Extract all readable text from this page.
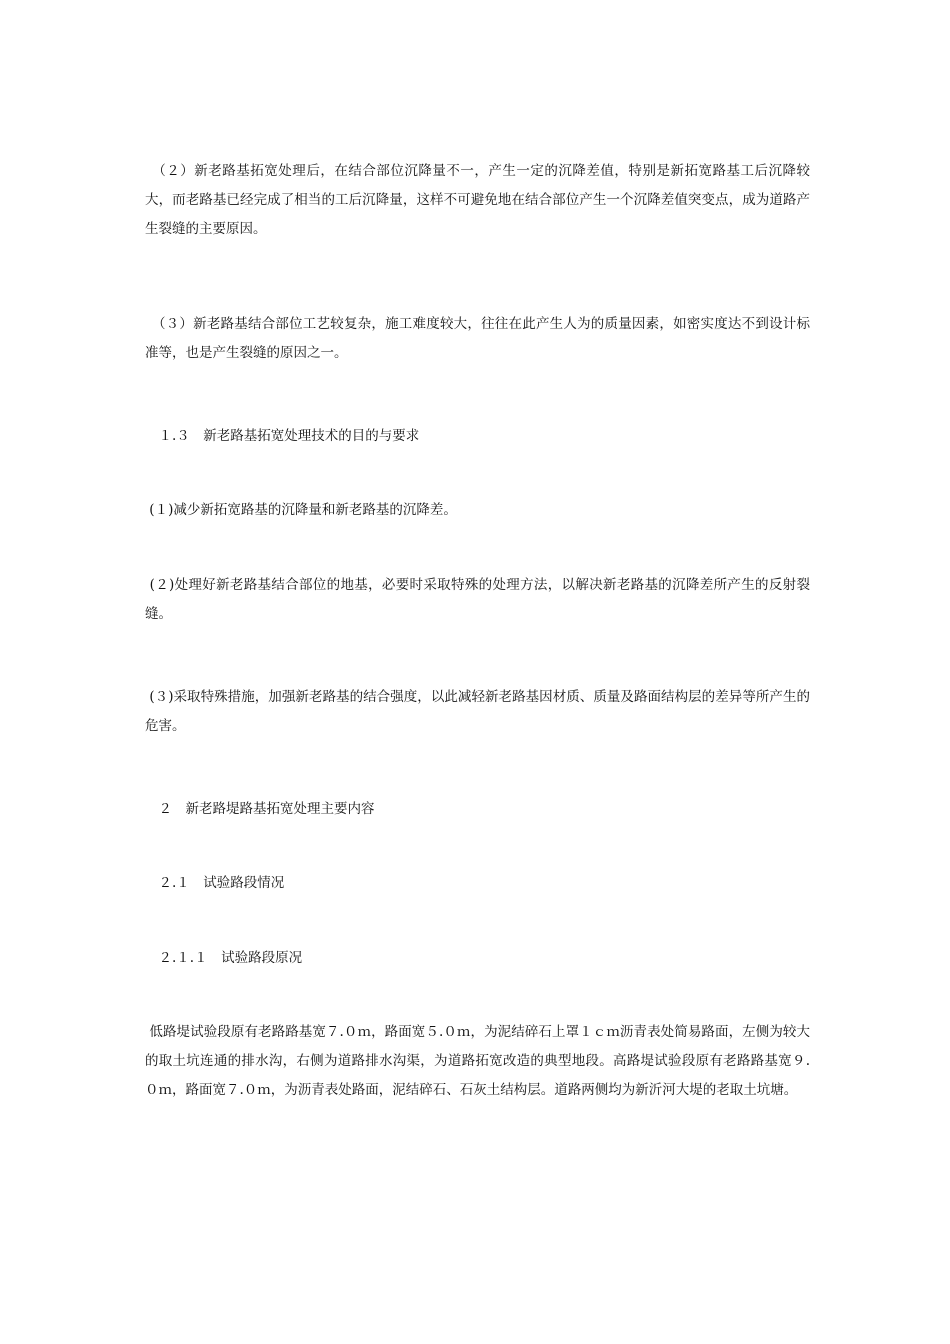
　（２）新老路基拓宽处理后，在结合部位沉降量不一，产生一定的沉降差值，特别是新拓宽路基工后沉降较大，而老路基已经完成了相当的工后沉降量，这样不可避免地在结合部位产生一个沉降差值突变点，成为道路产生裂缝的主要原因。

　（３）新老路基结合部位工艺较复杂，施工难度较大，往往在此产生人为的质量因素，如密实度达不到设计标准等，也是产生裂缝的原因之一。

　１.３　新老路基拓宽处理技术的目的与要求

(１)减少新拓宽路基的沉降量和新老路基的沉降差。

(２)处理好新老路基结合部位的地基，必要时采取特殊的处理方法，以解决新老路基的沉降差所产生的反射裂缝。

(３)采取特殊措施，加强新老路基的结合强度，以此减轻新老路基因材质、质量及路面结构层的差异等所产生的危害。

　２　新老路堤路基拓宽处理主要内容

　２.１　试验路段情况

　２.１.１　试验路段原况

低路堤试验段原有老路路基宽７.０ｍ，路面宽５.０ｍ，为泥结碎石上罩１ｃｍ沥青表处简易路面，左侧为较大的取土坑连通的排水沟，右侧为道路排水沟渠，为道路拓宽改造的典型地段。高路堤试验段原有老路路基宽９.０ｍ，路面宽７.０ｍ，为沥青表处路面，泥结碎石、石灰土结构层。道路两侧均为新沂河大堤的老取土坑塘。
